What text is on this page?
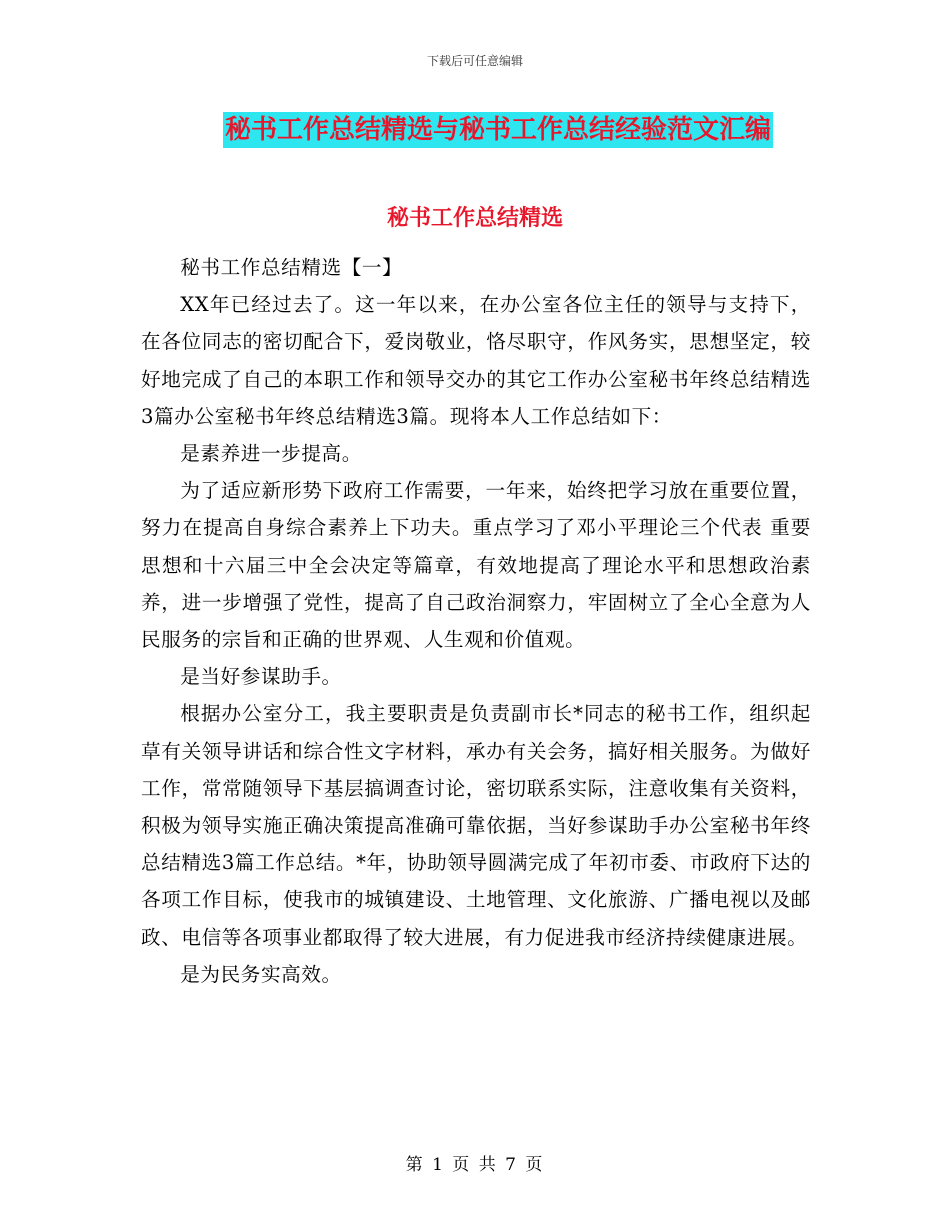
下载后可任意编辑
秘书工作总结精选与秘书工作总结经验范文汇编
秘书工作总结精选

秘书工作总结精选【一】

XX年已经过去了。这一年以来，在办公室各位主任的领导与支持下，在各位同志的密切配合下，爱岗敬业，恪尽职守，作风务实，思想坚定，较好地完成了自己的本职工作和领导交办的其它工作办公室秘书年终总结精选3篇办公室秘书年终总结精选3篇。现将本人工作总结如下：

是素养进一步提高。

为了适应新形势下政府工作需要，一年来，始终把学习放在重要位置，努力在提高自身综合素养上下功夫。重点学习了邓小平理论三个代表 重要思想和十六届三中全会决定等篇章，有效地提高了理论水平和思想政治素养，进一步增强了党性，提高了自己政治洞察力，牢固树立了全心全意为人民服务的宗旨和正确的世界观、人生观和价值观。

是当好参谋助手。

根据办公室分工，我主要职责是负责副市长*同志的秘书工作，组织起草有关领导讲话和综合性文字材料，承办有关会务，搞好相关服务。为做好工作，常常随领导下基层搞调查讨论，密切联系实际，注意收集有关资料，积极为领导实施正确决策提高准确可靠依据，当好参谋助手办公室秘书年终总结精选3篇工作总结。*年，协助领导圆满完成了年初市委、市政府下达的各项工作目标，使我市的城镇建设、土地管理、文化旅游、广播电视以及邮政、电信等各项事业都取得了较大进展，有力促进我市经济持续健康进展。

是为民务实高效。

第 1 页 共 7 页
